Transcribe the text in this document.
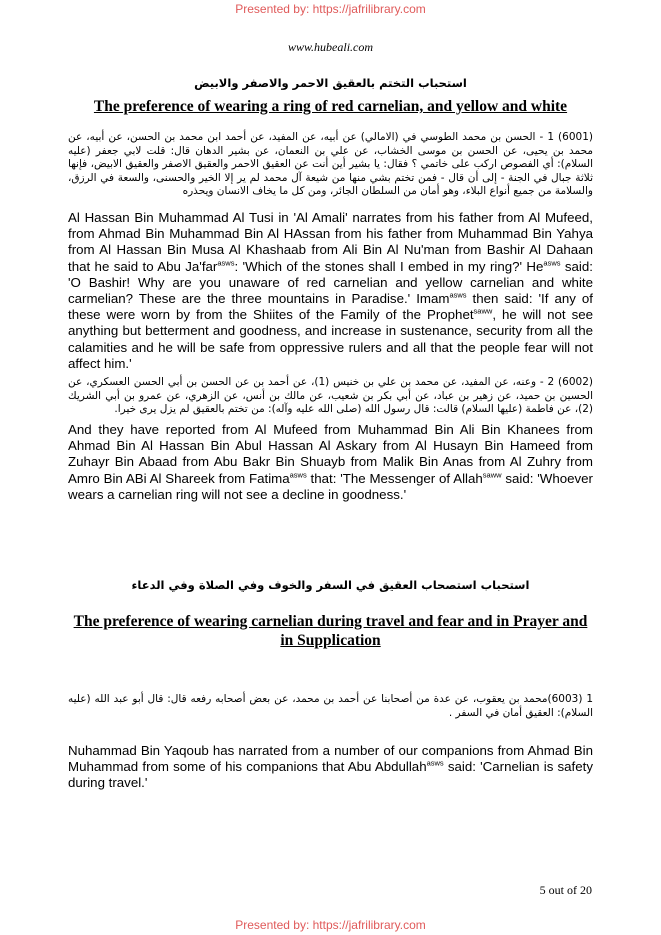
Presented by: https://jafrilibrary.com
www.hubeali.com
استحباب التختم بالعقيق الاحمر والاصفر والابيض
The preference of wearing a ring of red carnelian, and yellow and white
(6001) 1 - الحسن بن محمد الطوسي في (الامالي) عن أبيه، عن المفيد، عن أحمد ابن محمد بن الحسن، عن أبيه، عن محمد بن يحيى، عن الحسن بن موسى الخشاب، عن علي بن النعمان، عن بشير الدهان قال: قلت لابي جعفر (عليه السلام): أي الفصوص اركب على خاتمي ؟ فقال: يا بشير أين أنت عن العقيق الاحمر والعقيق الاصفر والعقيق الابيض، فإنها ثلاثة جبال في الجنة - إلى أن قال - فمن تختم بشي منها من شيعة آل محمد لم ير إلا الخير والحسنى، والسعة في الرزق، والسلامة من جميع أنواع البلاء، وهو أمان من السلطان الجائر، ومن كل ما يخاف الانسان ويحذره
Al Hassan Bin Muhammad Al Tusi in 'Al Amali' narrates from his father from Al Mufeed, from Ahmad Bin Muhammad Bin Al HAssan from his father from Muhammad Bin Yahya from Al Hassan Bin Musa Al Khashaab from Ali Bin Al Nu'man from Bashir Al Dahaan that he said to Abu Ja'far$^{asws}$: 'Which of the stones shall I embed in my ring?' $He^{asws}$ said: 'O Bashir! Why are you unaware of red carnelian and yellow carnelian and white carmelian? These are the three mountains in Paradise.' Imam$^{asws}$ then said: 'If any of these were worn by from the Shiites of the Family of the Prophet$^{saww}$, he will not see anything but betterment and goodness, and increase in sustenance, security from all the calamities and he will be safe from oppressive rulers and all that the people fear will not affect him.'
(6002) 2 - وعنه، عن المفيد، عن محمد بن علي بن خنيس (1)، عن أحمد بن عن الحسن بن أبي الحسن العسكري، عن الحسين بن حميد، عن زهير بن عباد، عن أبي بكر بن شعيب، عن مالك بن أنس، عن الزهري، عن عمرو بن أبي الشريك (2)، عن فاطمة (عليها السلام) قالت: قال رسول الله (صلى الله عليه وآله): من تختم بالعقيق لم يزل يرى خيرا.
And they have reported from Al Mufeed from Muhammad Bin Ali Bin Khanees from Ahmad Bin Al Hassan Bin Abul Hassan Al Askary from Al Husayn Bin Hameed from Zuhayr Bin Abaad from Abu Bakr Bin Shuayb from Malik Bin Anas from Al Zuhry from Amro Bin ABi Al Shareek from Fatima$^{asws}$ that: 'The Messenger of Allah$^{saww}$ said: 'Whoever wears a carnelian ring will not see a decline in goodness.'
استحباب استصحاب العقيق في السفر والخوف وفي الصلاة وفي الدعاء
The preference of wearing carnelian during travel and fear and in Prayer and in Supplication
1 (6003)محمد بن يعقوب، عن عدة من أصحابنا عن أحمد بن محمد، عن بعض أصحابه رفعه قال: قال أبو عبد الله (عليه السلام): العقيق أمان في السفر .
Nuhammad Bin Yaqoub has narrated from a number of our companions from Ahmad Bin Muhammad from some of his companions that Abu Abdullah$^{asws}$ said: 'Carnelian is safety during travel.'
5 out of 20
Presented by: https://jafrilibrary.com
